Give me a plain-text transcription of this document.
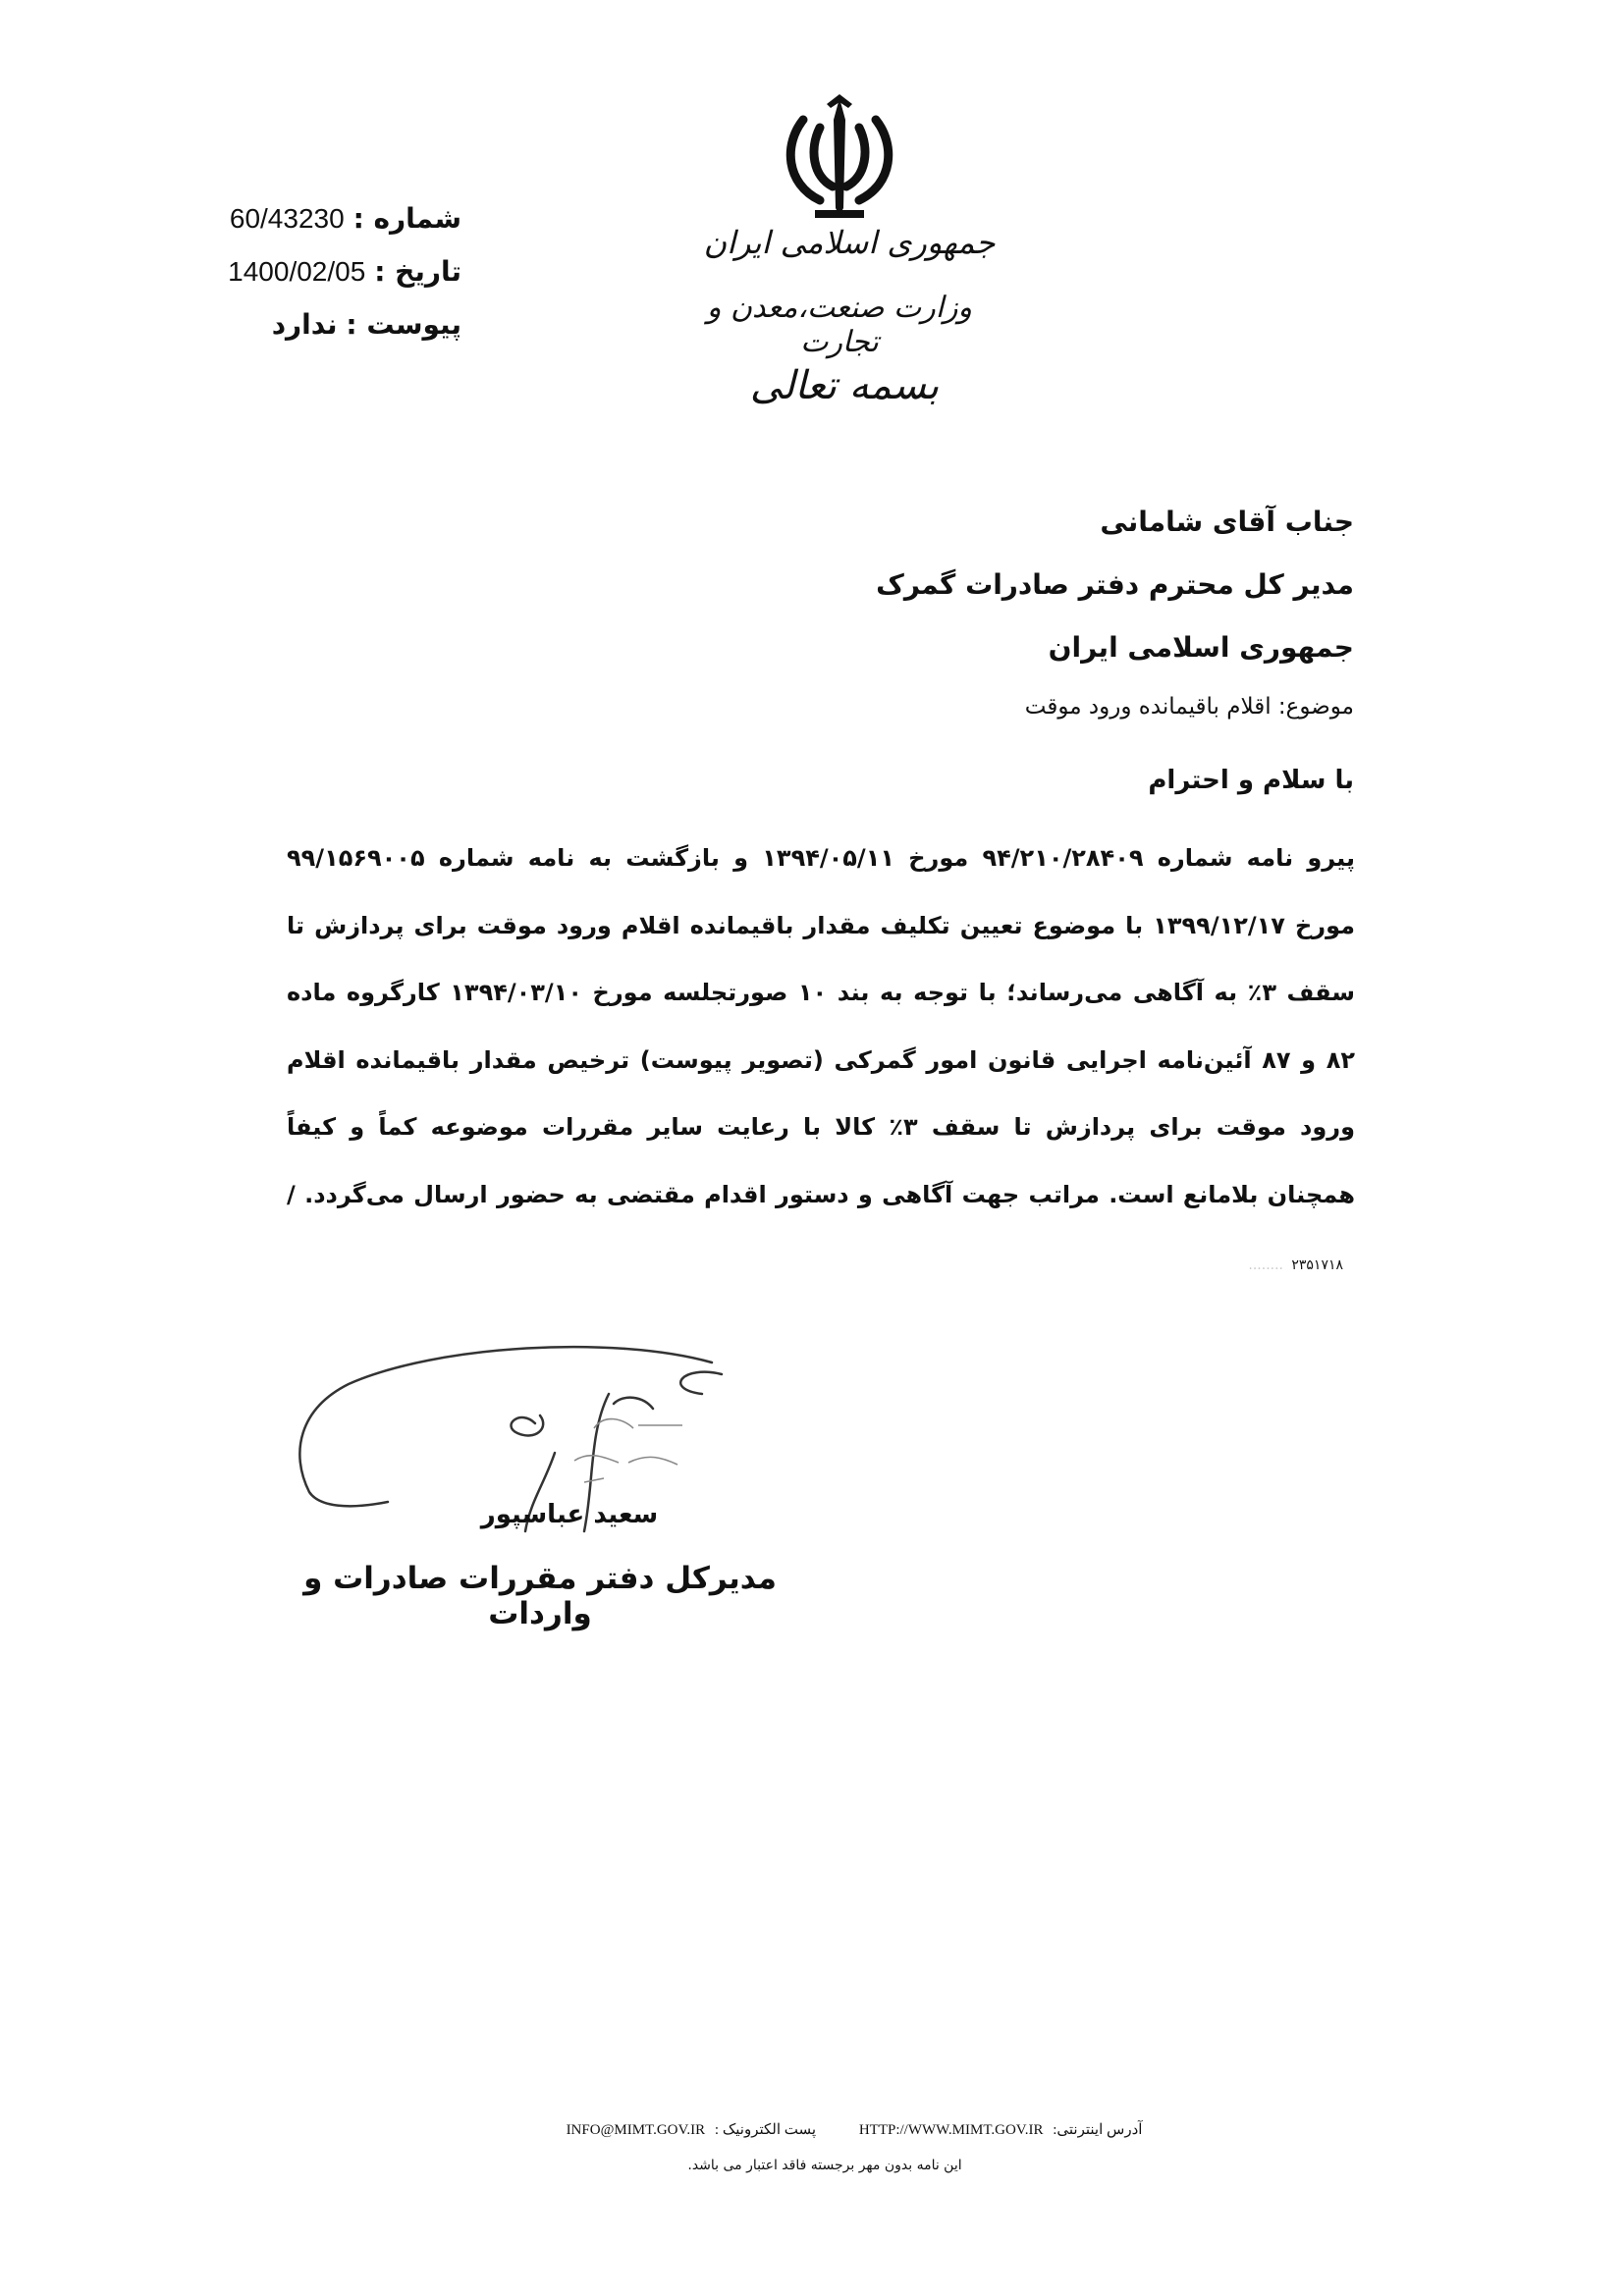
شماره : 60/43230
تاریخ : 1400/02/05
پیوست : ندارد
جمهوری اسلامی ایران
وزارت صنعت،معدن و تجارت
بسمه تعالی
جناب آقای شامانی
مدیر کل محترم دفتر صادرات گمرک
جمهوری اسلامی ایران
موضوع: اقلام باقیمانده ورود موقت
با سلام و احترام
پیرو نامه شماره ۹۴/۲۱۰/۲۸۴۰۹ مورخ ۱۳۹۴/۰۵/۱۱ و بازگشت به نامه شماره ۹۹/۱۵۶۹۰۰۵ مورخ ۱۳۹۹/۱۲/۱۷ با موضوع تعیین تکلیف مقدار باقیمانده اقلام ورود موقت برای پردازش تا سقف ۳٪ به آگاهی می‌رساند؛ با توجه به بند ۱۰ صورتجلسه مورخ ۱۳۹۴/۰۳/۱۰ کارگروه ماده ۸۲ و ۸۷ آئین‌نامه اجرایی قانون امور گمرکی (تصویر پیوست) ترخیص مقدار باقیمانده اقلام ورود موقت برای پردازش تا سقف ۳٪ کالا با رعایت سایر مقررات موضوعه کماً و کیفاً همچنان بلامانع است. مراتب جهت آگاهی و دستور اقدام مقتضی به حضور ارسال می‌گردد. / ۲۳۵۱۷۱۸ ........
سعید عباسپور
مدیرکل دفتر مقررات صادرات و واردات
INFO@MIMT.GOV.IR پست الکترونیک :	HTTP://WWW.MIMT.GOV.IR آدرس اینترنتی:
این نامه بدون مهر برجسته فاقد اعتبار می باشد.
